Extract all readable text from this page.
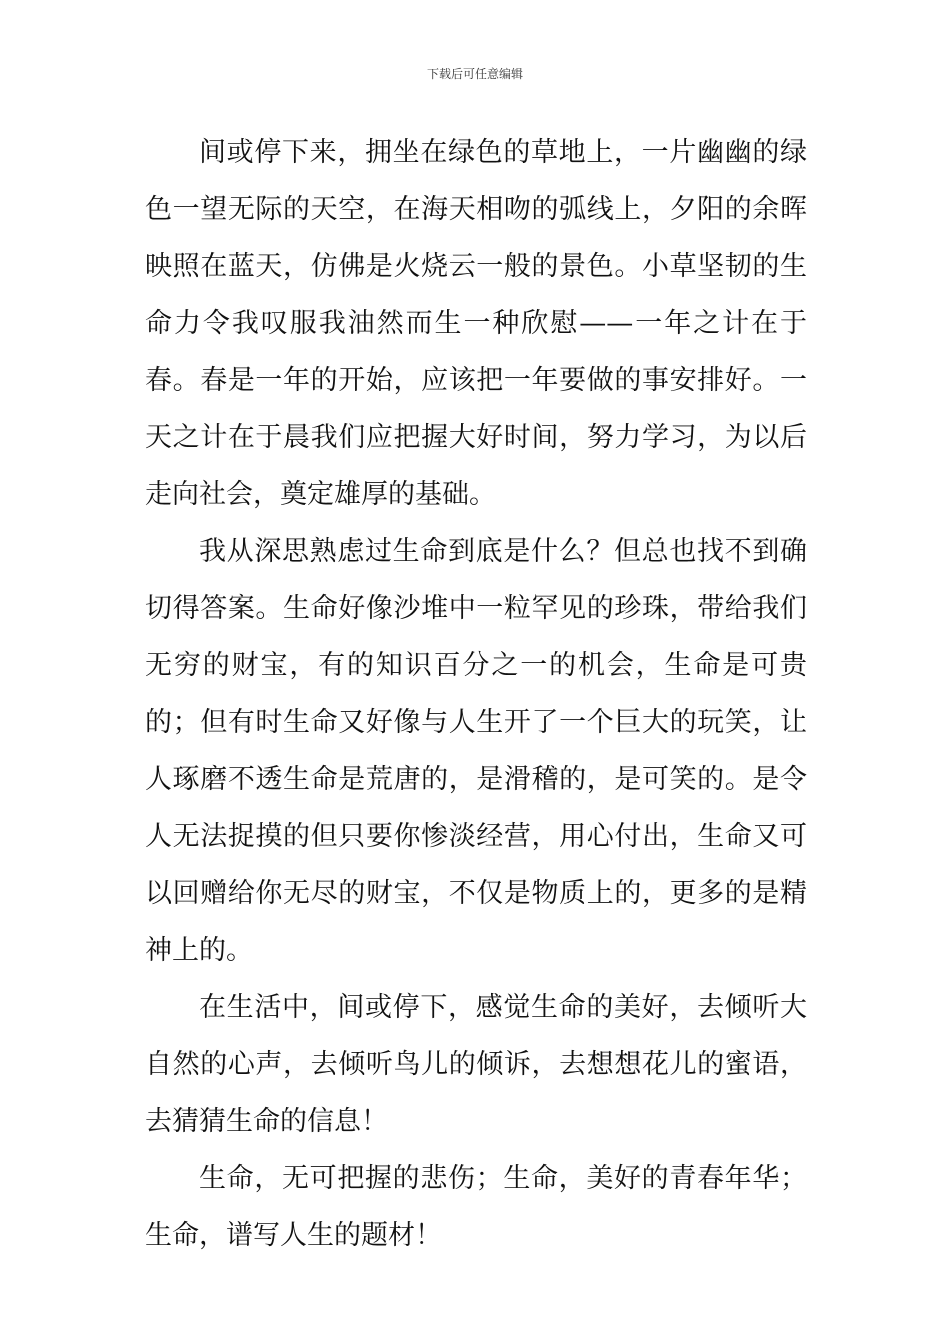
下载后可任意编辑

间或停下来，拥坐在绿色的草地上，一片幽幽的绿色一望无际的天空，在海天相吻的弧线上，夕阳的余晖映照在蓝天，仿佛是火烧云一般的景色。小草坚韧的生命力令我叹服我油然而生一种欣慰——一年之计在于春。春是一年的开始，应该把一年要做的事安排好。一天之计在于晨我们应把握大好时间，努力学习，为以后走向社会，奠定雄厚的基础。

我从深思熟虑过生命到底是什么？但总也找不到确切得答案。生命好像沙堆中一粒罕见的珍珠，带给我们无穷的财宝，有的知识百分之一的机会，生命是可贵的；但有时生命又好像与人生开了一个巨大的玩笑，让人琢磨不透生命是荒唐的，是滑稽的，是可笑的。是令人无法捉摸的但只要你惨淡经营，用心付出，生命又可以回赠给你无尽的财宝，不仅是物质上的，更多的是精神上的。

在生活中，间或停下，感觉生命的美好，去倾听大自然的心声，去倾听鸟儿的倾诉，去想想花儿的蜜语，去猜猜生命的信息！

生命，无可把握的悲伤；生命，美好的青春年华；生命，谱写人生的题材！
